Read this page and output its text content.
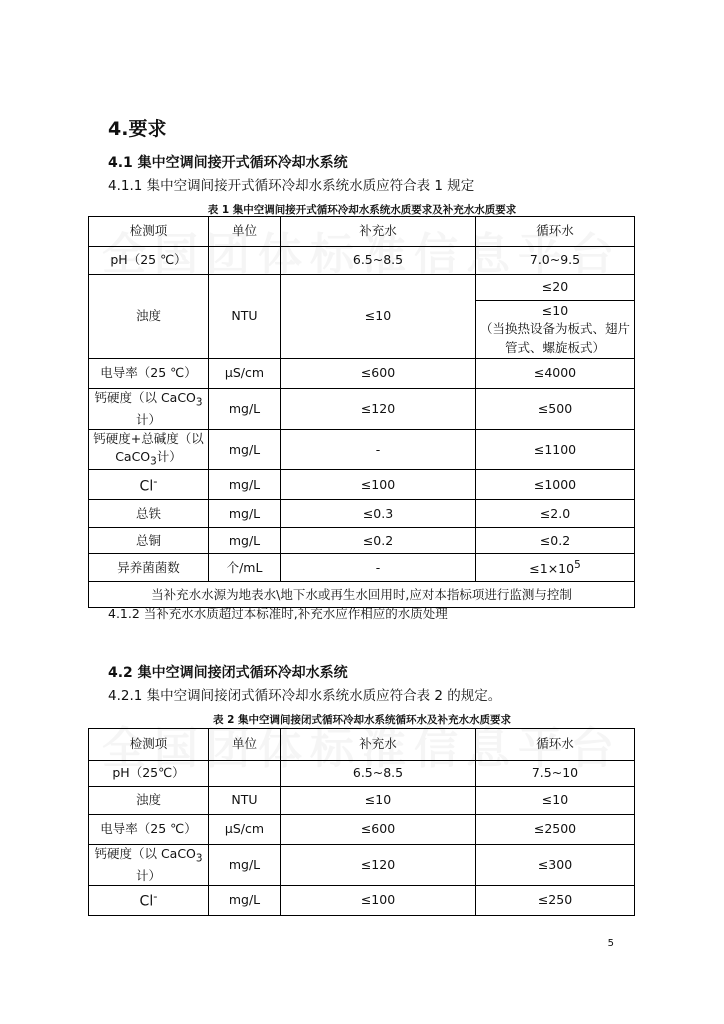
4.要求
4.1 集中空调间接开式循环冷却水系统
4.1.1 集中空调间接开式循环冷却水系统水质应符合表 1 规定
表 1 集中空调间接开式循环冷却水系统水质要求及补充水水质要求
检测项	单位	补充水	循环水
pH（25 ℃）		6.5~8.5	7.0~9.5
浊度	NTU	≤10	≤20

			≤10
（当换热设备为板式、翅片管式、螺旋板式）

电导率（25 ℃）	μS/cm	≤600	≤4000
钙硬度（以 CaCO$_3$
计）	mg/L	≤120	≤500
钙硬度+总碱度（以 CaCO$_3$计）	mg/L	-	≤1100
Cl-	mg/L	≤100	≤1000
总铁	mg/L	≤0.3	≤2.0
总铜	mg/L	≤0.2	≤0.2
异养菌菌数	个/mL	-	$\le 1\times 10^5$
当补充水水源为地表水\地下水或再生水回用时,应对本指标项进行监测与控制			
4.1.2 当补充水水质超过本标准时,补充水应作相应的水质处理
4.2 集中空调间接闭式循环冷却水系统
4.2.1 集中空调间接闭式循环冷却水系统水质应符合表 2 的规定。
表 2 集中空调间接闭式循环冷却水系统循环水及补充水水质要求
检测项	单位	补充水	循环水
pH（25℃）		6.5~8.5	7.5~10
浊度	NTU	≤10	≤10
电导率（25 ℃）	μS/cm	≤600	≤2500
钙硬度（以 CaCO$_3$
计）	mg/L	≤120	≤300
Cl-	mg/L	≤100	≤250
5
